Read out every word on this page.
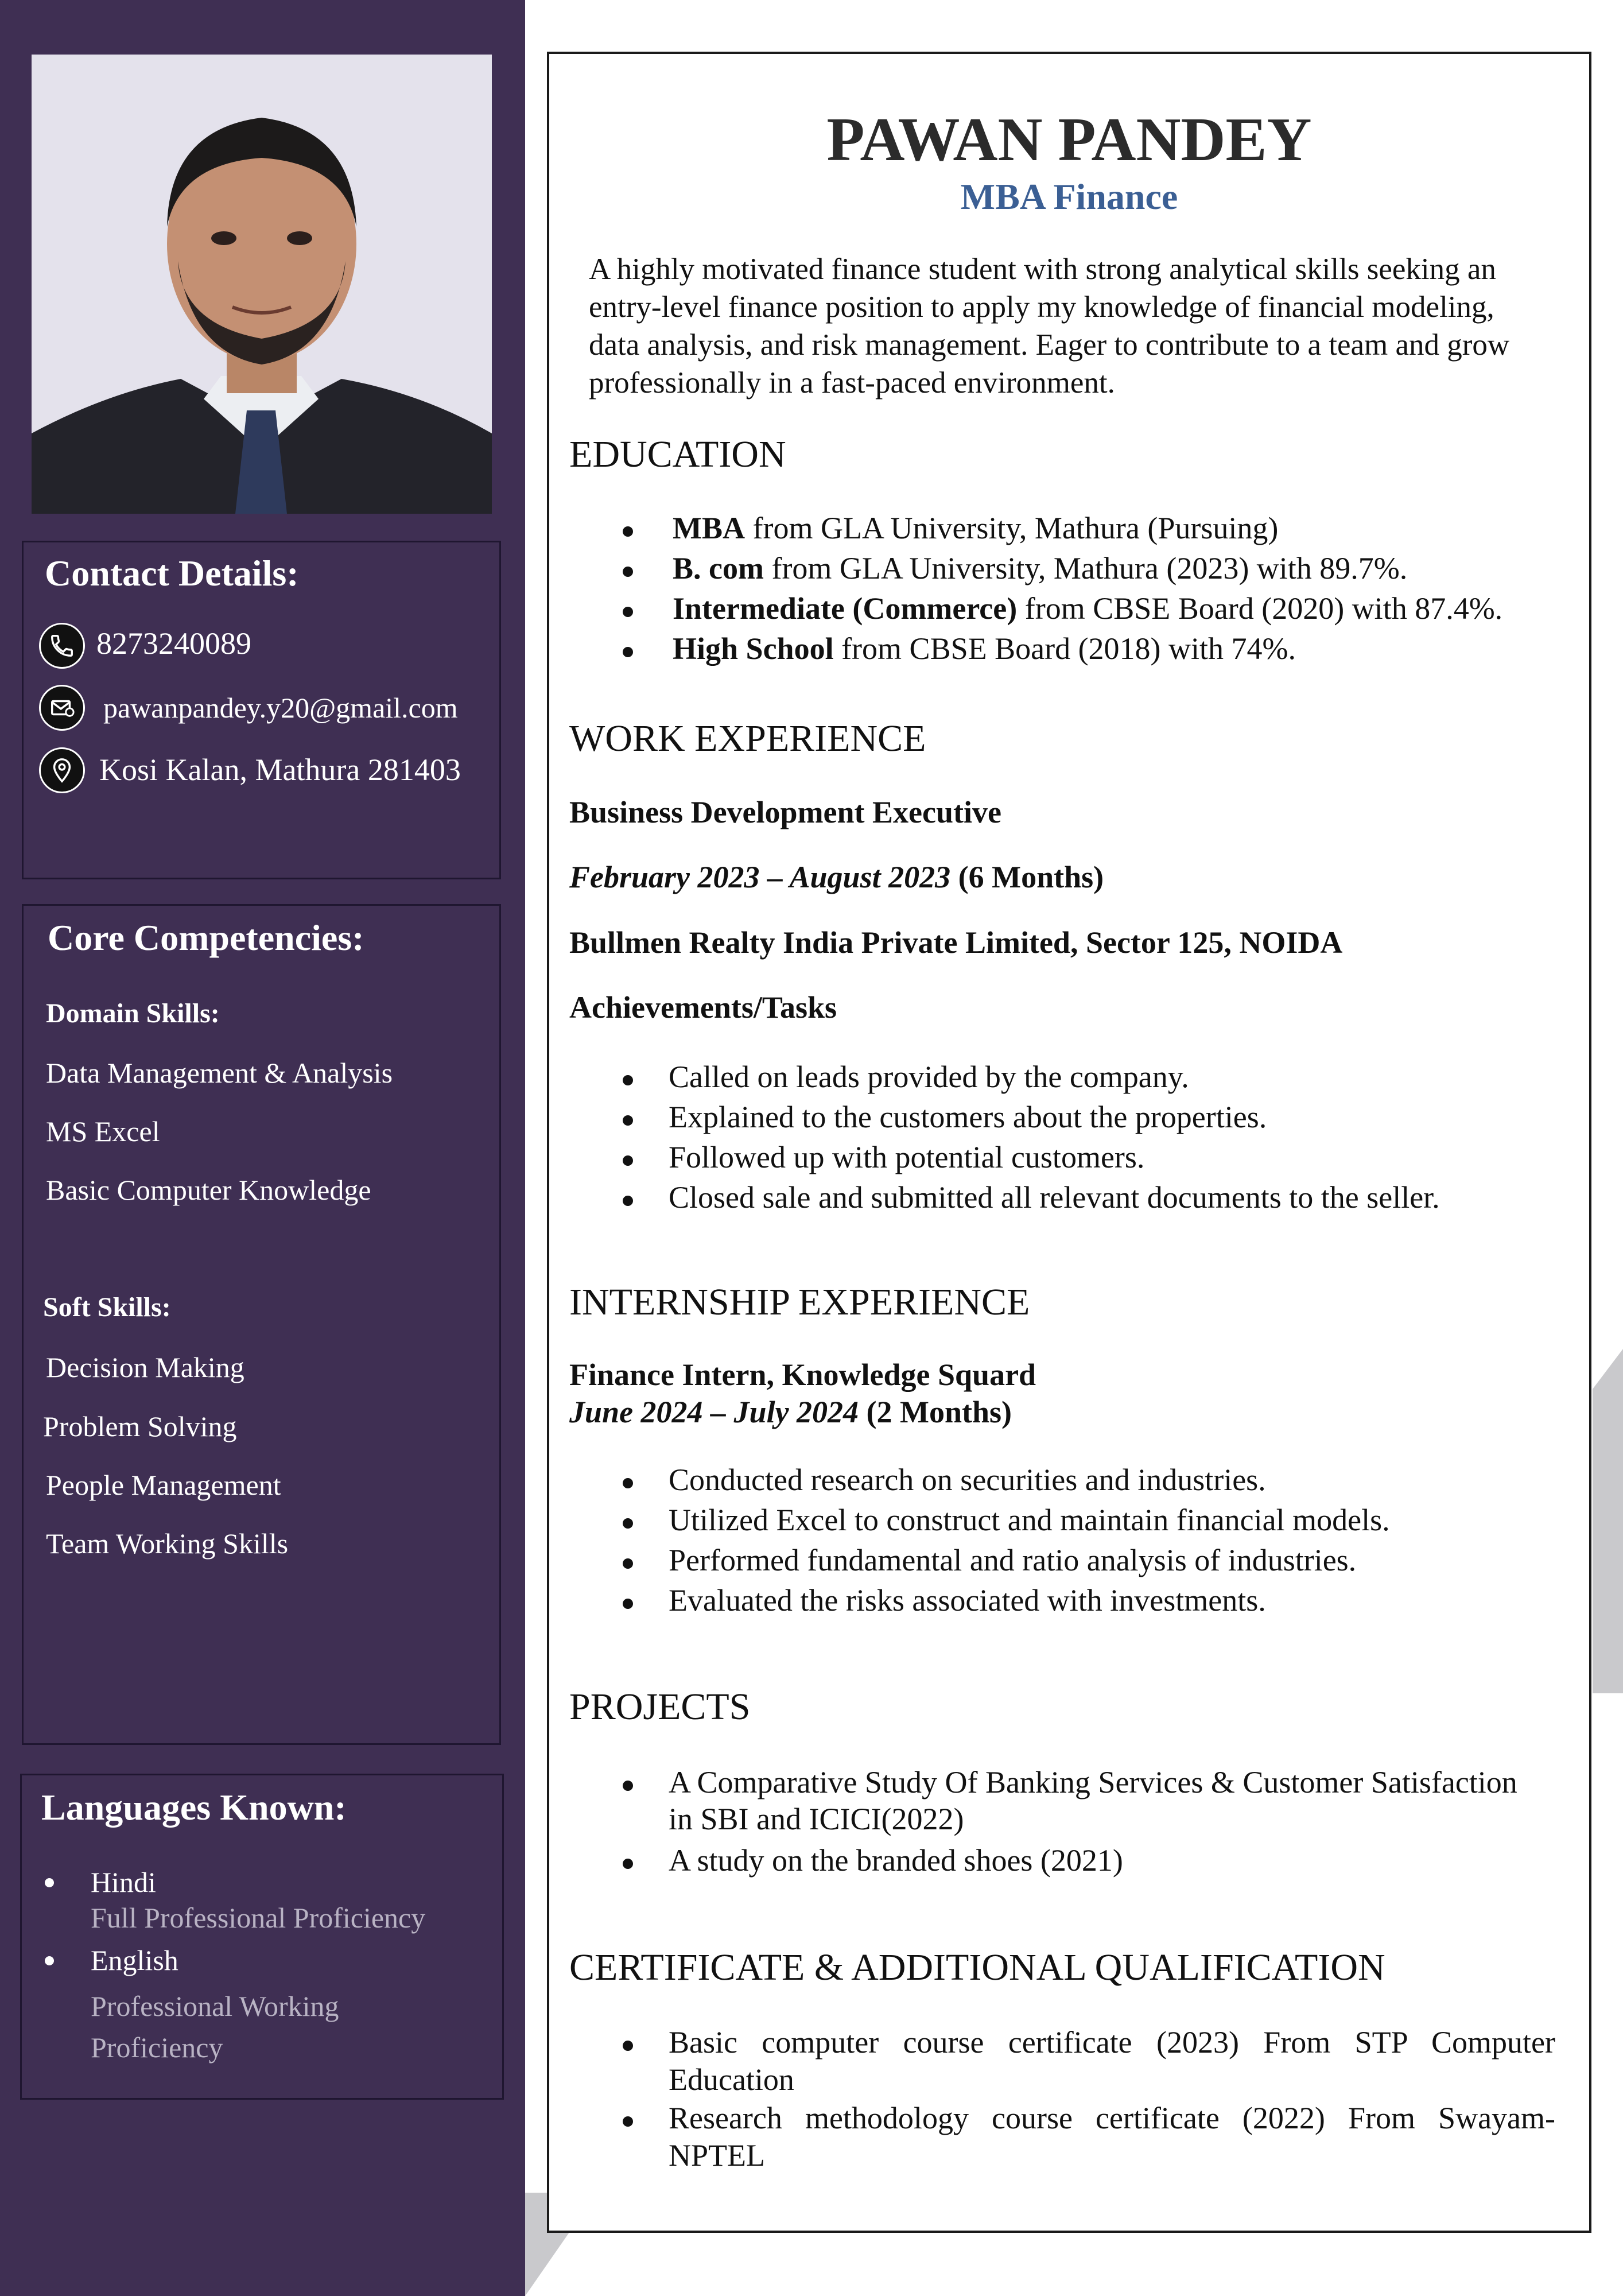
Contact Details:
8273240089
pawanpandey.y20@gmail.com
Kosi Kalan, Mathura 281403
Core Competencies:
Domain Skills:
Data Management & Analysis
MS Excel
Basic Computer Knowledge
Soft Skills:
Decision Making
Problem Solving
People Management
Team Working Skills
Languages Known:
Hindi
Full Professional Proficiency
English
Professional Working
Proficiency
PAWAN PANDEY
MBA Finance
A highly motivated finance student with strong analytical skills seeking an
entry-level finance position to apply my knowledge of financial modeling,
data analysis, and risk management. Eager to contribute to a team and grow
professionally in a fast-paced environment.
EDUCATION
MBA from GLA University, Mathura (Pursuing)
B. com from GLA University, Mathura (2023) with 89.7%.
Intermediate (Commerce) from CBSE Board (2020) with 87.4%.
High School from CBSE Board (2018) with 74%.
WORK EXPERIENCE
Business Development Executive
February 2023 – August 2023 (6 Months)
Bullmen Realty India Private Limited, Sector 125, NOIDA
Achievements/Tasks
Called on leads provided by the company.
Explained to the customers about the properties.
Followed up with potential customers.
Closed sale and submitted all relevant documents to the seller.
INTERNSHIP EXPERIENCE
Finance Intern, Knowledge Squard
June 2024 – July 2024 (2 Months)
Conducted research on securities and industries.
Utilized Excel to construct and maintain financial models.
Performed fundamental and ratio analysis of industries.
Evaluated the risks associated with investments.
PROJECTS
A Comparative Study Of Banking Services & Customer Satisfaction
in SBI and ICICI(2022)
A study on the branded shoes (2021)
CERTIFICATE & ADDITIONAL QUALIFICATION
Basic computer course certificate (2023) From STP Computer
Education
Research methodology course certificate (2022) From Swayam-
NPTEL
